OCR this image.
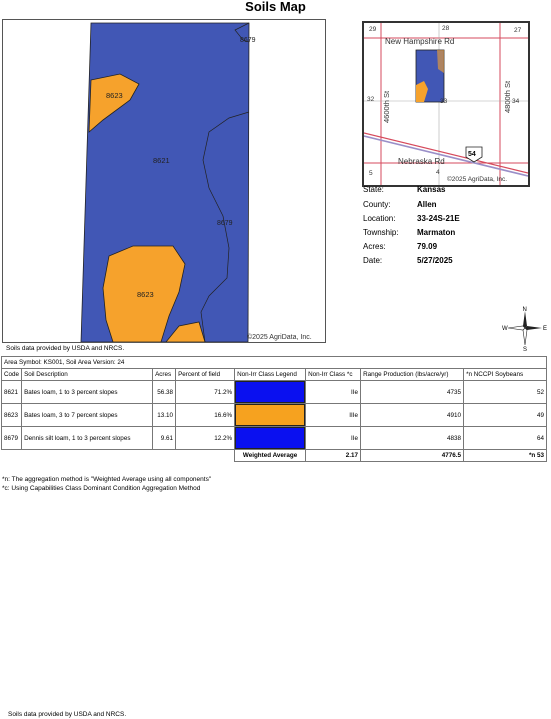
Soils Map
8679
8623
8621
8679
8623
©2025 AgriData, Inc.
29	28	27
32	33	34
5	4
New Hampshire Rd
Nebraska Rd
4600th St	4800th St
54
©2025 AgriData, Inc.
State:	Kansas
County:	Allen
Location:	33-24S-21E
Township: Marmaton
Acres:	79.09
Date:	5/27/2025
N
S
E
W
Soils data provided by USDA and NRCS.
Area Symbol: KS001, Soil Area Version: 24							
Code	Soil Description	Acres	Percent of field	Non-Irr Class Legend	Non-Irr Class *c	Range Production (lbs/acre/yr)	*n NCCPI Soybeans
8621	Bates loam, 1 to 3 percent slopes	56.38	71.2%		IIe	4735	52
8623	Bates loam, 3 to 7 percent slopes	13.10	16.6%		IIIe	4910	49
8679	Dennis silt loam, 1 to 3 percent slopes	9.61	12.2%		IIe	4838	64
				Weighted Average	2.17	4776.5	*n 53
*n: The aggregation method is "Weighted Average using all components"
*c: Using Capabilities Class Dominant Condition Aggregation Method
Soils data provided by USDA and NRCS.
